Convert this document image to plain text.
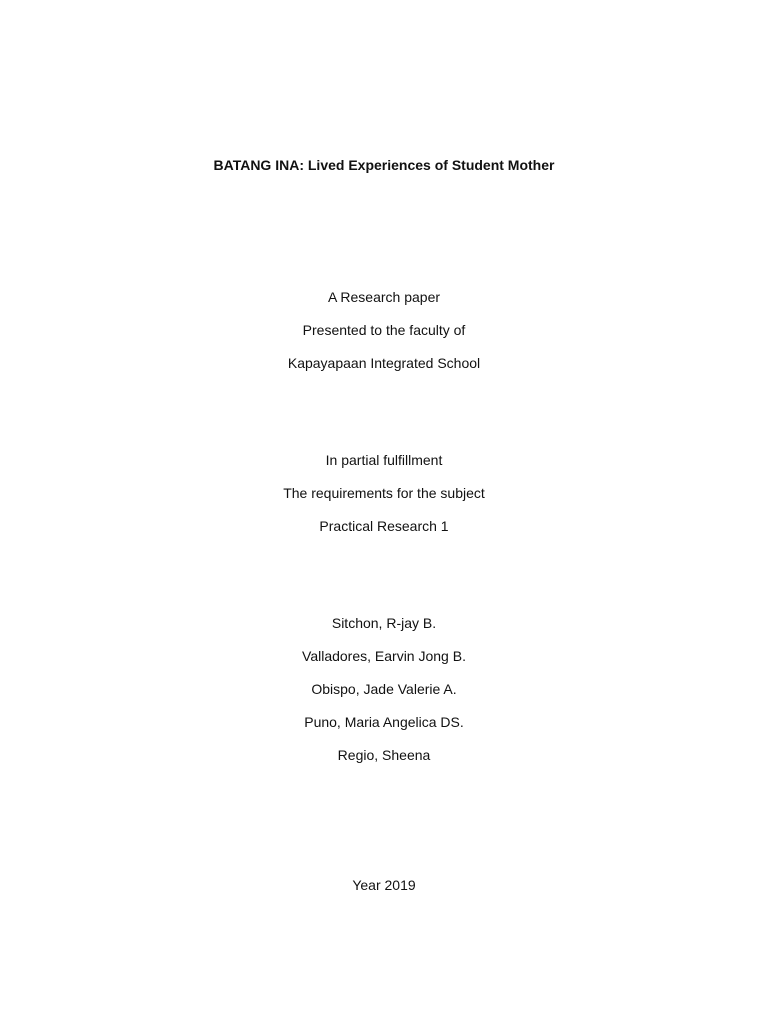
BATANG INA: Lived Experiences of Student Mother
A Research paper
Presented to the faculty of
Kapayapaan Integrated School
In partial fulfillment
The requirements for the subject
Practical Research 1
Sitchon, R-jay B.
Valladores, Earvin Jong B.
Obispo, Jade Valerie A.
Puno, Maria Angelica DS.
Regio, Sheena
Year 2019
